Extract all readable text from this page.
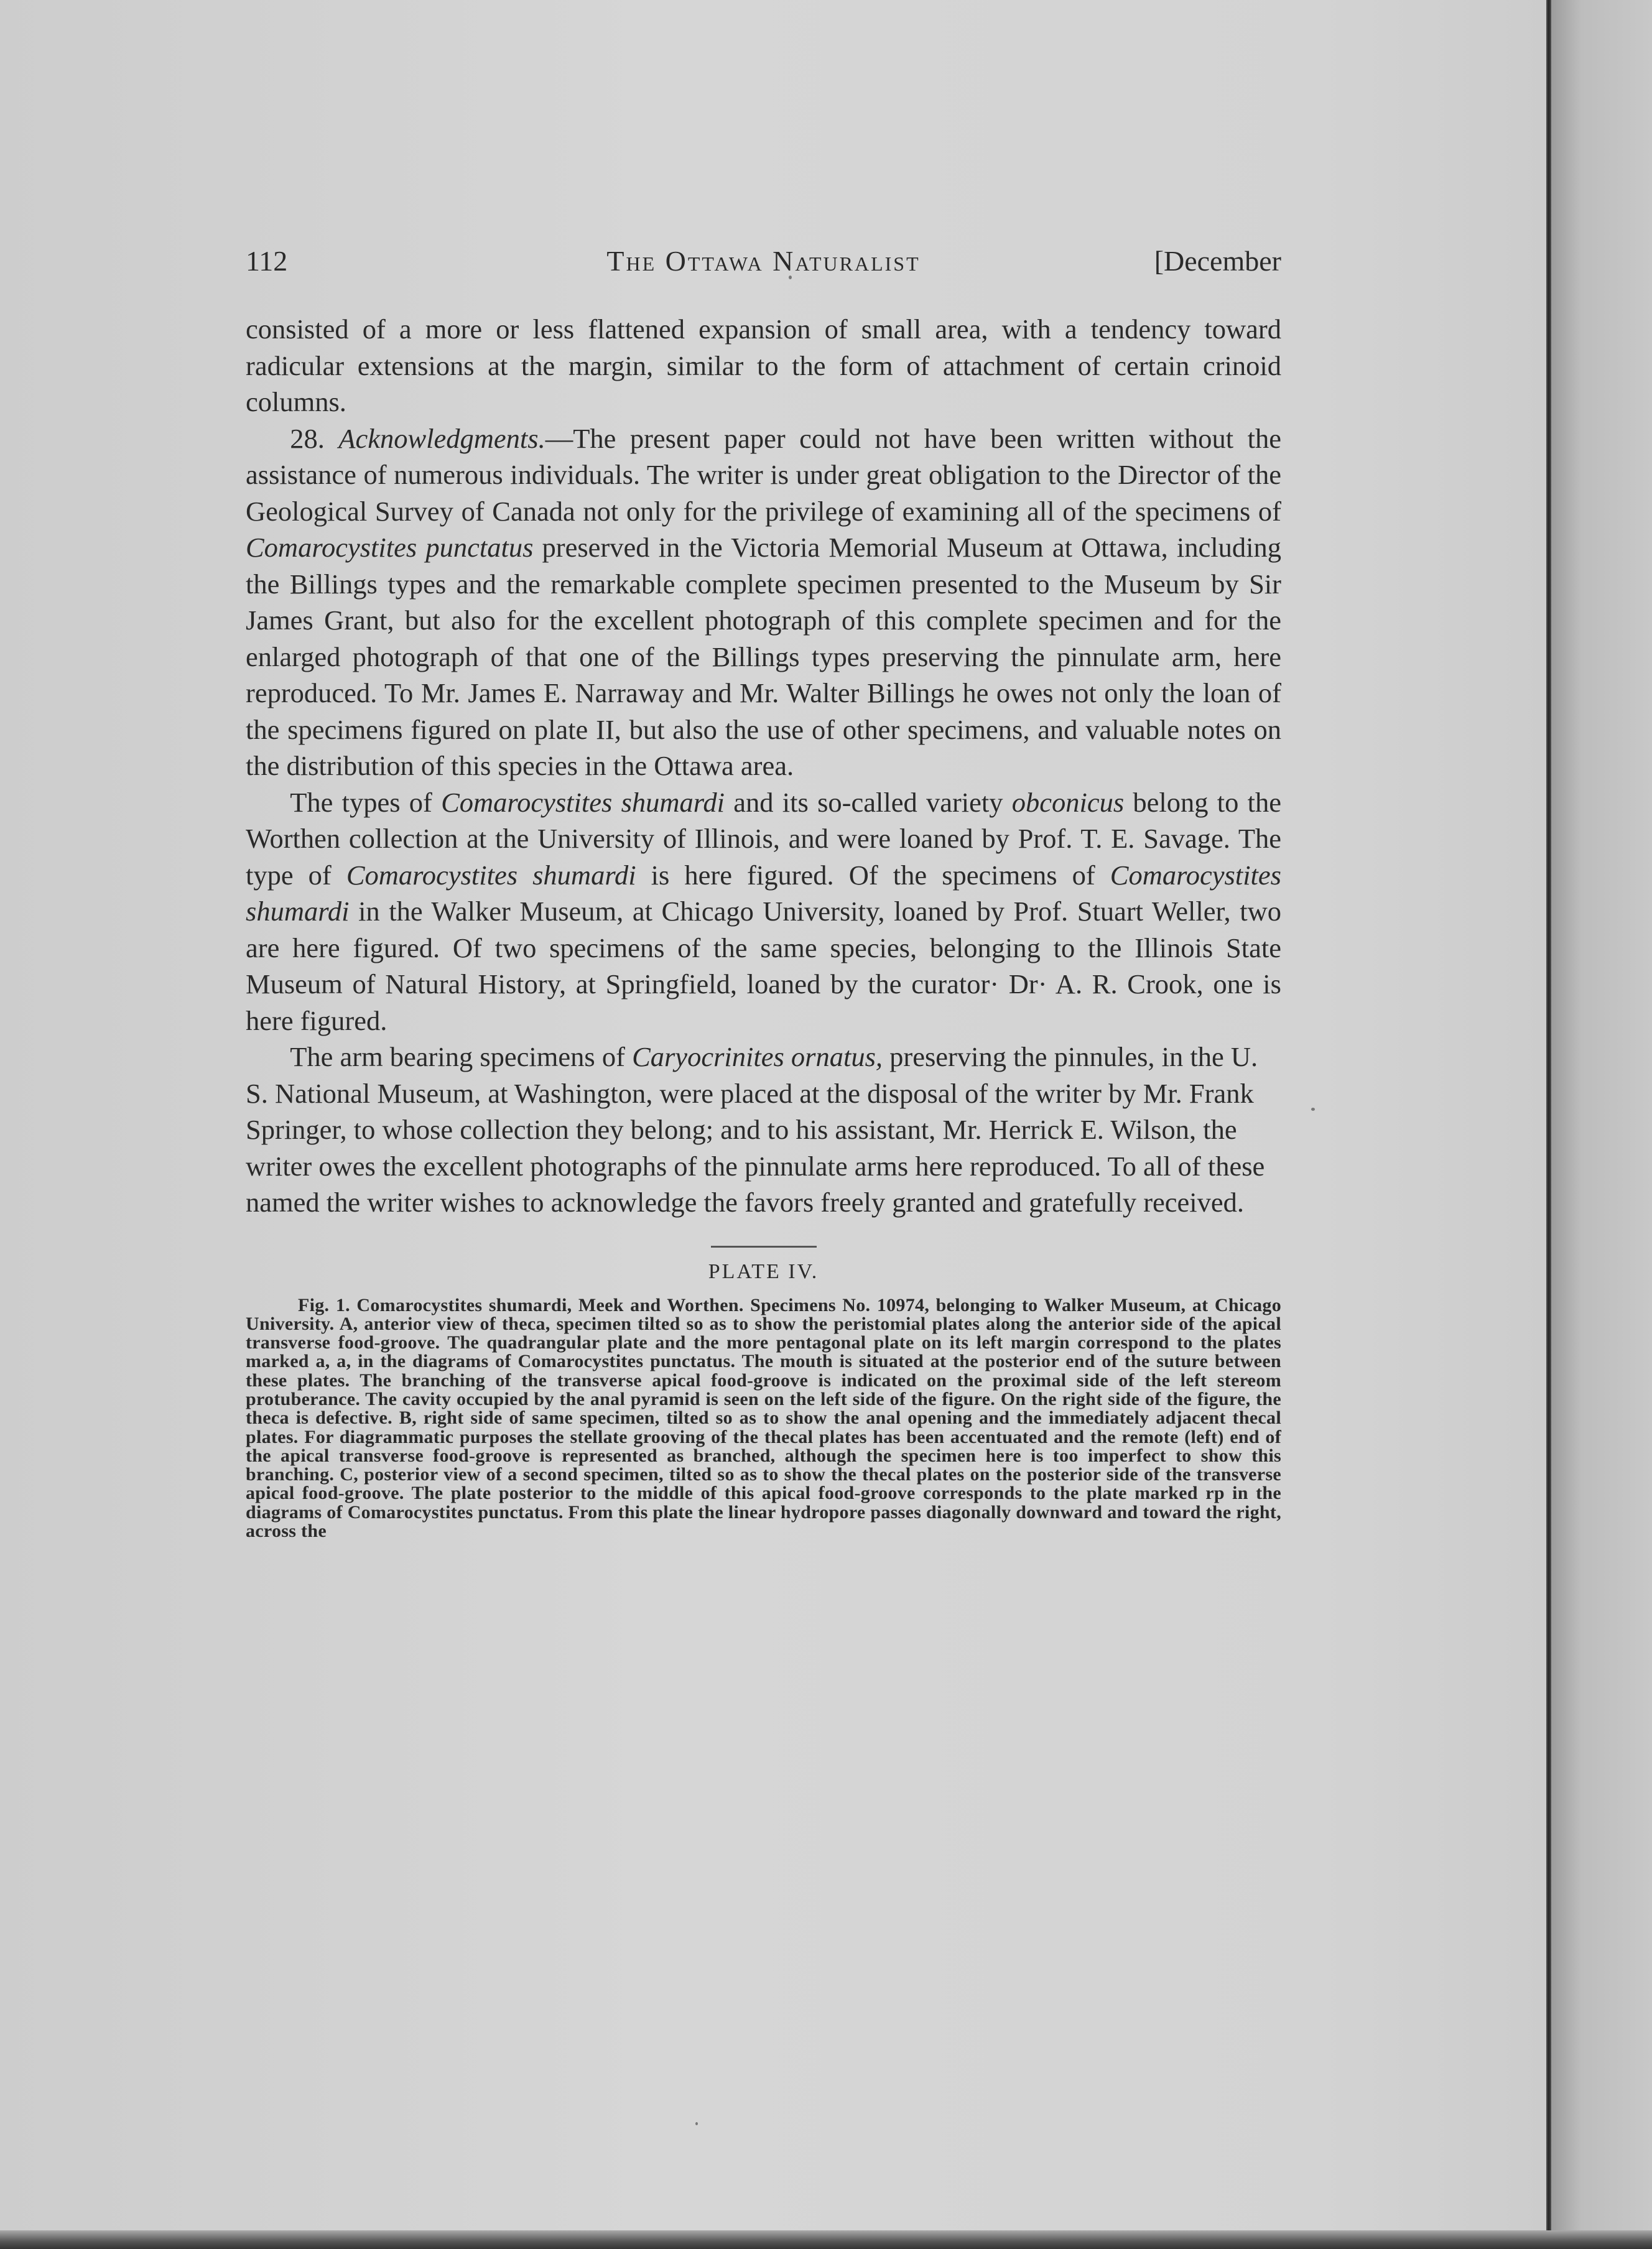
112	The Ottawa Naturalist	[December

consisted of a more or less flattened expansion of small area, with a tendency toward radicular extensions at the margin, similar to the form of attachment of certain crinoid columns.

28. Acknowledgments.—The present paper could not have been written without the assistance of numerous individuals. The writer is under great obligation to the Director of the Geological Survey of Canada not only for the privilege of examining all of the specimens of Comarocystites punctatus preserved in the Victoria Memorial Museum at Ottawa, including the Billings types and the remarkable complete specimen presented to the Museum by Sir James Grant, but also for the excellent photograph of this complete specimen and for the enlarged photograph of that one of the Billings types preserving the pinnulate arm, here reproduced. To Mr. James E. Narraway and Mr. Walter Billings he owes not only the loan of the specimens figured on plate II, but also the use of other specimens, and valuable notes on the distribution of this species in the Ottawa area.

The types of Comarocystites shumardi and its so-called variety obconicus belong to the Worthen collection at the University of Illinois, and were loaned by Prof. T. E. Savage. The type of Comarocystites shumardi is here figured. Of the specimens of Comarocystites shumardi in the Walker Museum, at Chicago University, loaned by Prof. Stuart Weller, two are here figured. Of two specimens of the same species, belonging to the Illinois State Museum of Natural History, at Springfield, loaned by the curator· Dr· A. R. Crook, one is here figured.

The arm bearing specimens of Caryocrinites ornatus, preserving the pinnules, in the U. S. National Museum, at Washington, were placed at the disposal of the writer by Mr. Frank Springer, to whose collection they belong; and to his assistant, Mr. Herrick E. Wilson, the writer owes the excellent photographs of the pinnulate arms here reproduced. To all of these named the writer wishes to acknowledge the favors freely granted and gratefully received.

PLATE IV.

Fig. 1. Comarocystites shumardi, Meek and Worthen. Specimens No. 10974, belonging to Walker Museum, at Chicago University. A, anterior view of theca, specimen tilted so as to show the peristomial plates along the anterior side of the apical transverse food-groove. The quadrangular plate and the more pentagonal plate on its left margin correspond to the plates marked a, a, in the diagrams of Comarocystites punctatus. The mouth is situated at the posterior end of the suture between these plates. The branching of the transverse apical food-groove is indicated on the proximal side of the left stereom protuberance. The cavity occupied by the anal pyramid is seen on the left side of the figure. On the right side of the figure, the theca is defective. B, right side of same specimen, tilted so as to show the anal opening and the immediately adjacent thecal plates. For diagrammatic purposes the stellate grooving of the thecal plates has been accentuated and the remote (left) end of the apical transverse food-groove is represented as branched, although the specimen here is too imperfect to show this branching. C, posterior view of a second specimen, tilted so as to show the thecal plates on the posterior side of the transverse apical food-groove. The plate posterior to the middle of this apical food-groove corresponds to the plate marked rp in the diagrams of Comarocystites punctatus. From this plate the linear hydropore passes diagonally downward and toward the right, across the
